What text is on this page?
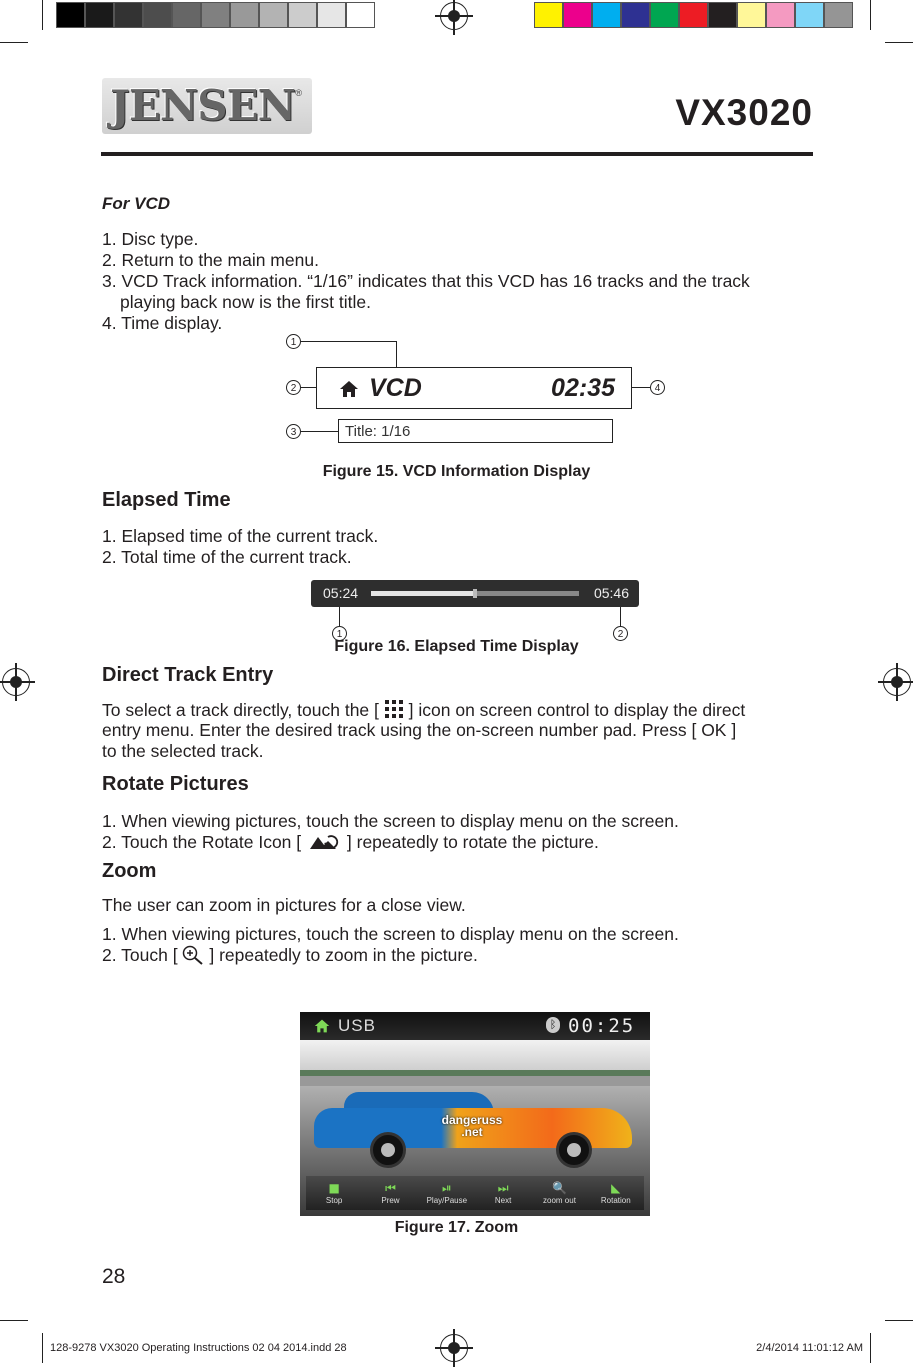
JENSEN ®	VX3020
For VCD
1. Disc type.
2. Return to the main menu.
3. VCD Track information. “1/16” indicates that this VCD has 16 tracks and the track
playing back now is the first title.
4. Time display.
1
VCD	02:35
2	4
3	Title: 1/16
Figure 15. VCD Information Display
Elapsed Time
1. Elapsed time of the current track.
2. Total time of the current track.
05:24	05:46
1	2
Figure 16. Elapsed Time Display
Direct Track Entry
To select a track directly, touch the [ ] icon on screen control to display the direct
entry menu. Enter the desired track using the on-screen number pad. Press [ OK ]
to the selected track.
Rotate Pictures
1. When viewing pictures, touch the screen to display menu on the screen.
2. Touch the Rotate Icon [	] repeatedly to rotate the picture.
Zoom
The user can zoom in pictures for a close view.
1. When viewing pictures, touch the screen to display menu on the screen.
2. Touch [ ] repeatedly to zoom in the picture.
USB	ᛒ 00:25
dangeruss .net
■
Stop
⏮
Prew
⏯
Play/Pause
⏭
Next
🔍
zoom out
◣
Rotation
Figure 17. Zoom
28
128-9278 VX3020 Operating Instructions 02 04 2014.indd 28	2/4/2014 11:01:12 AM
